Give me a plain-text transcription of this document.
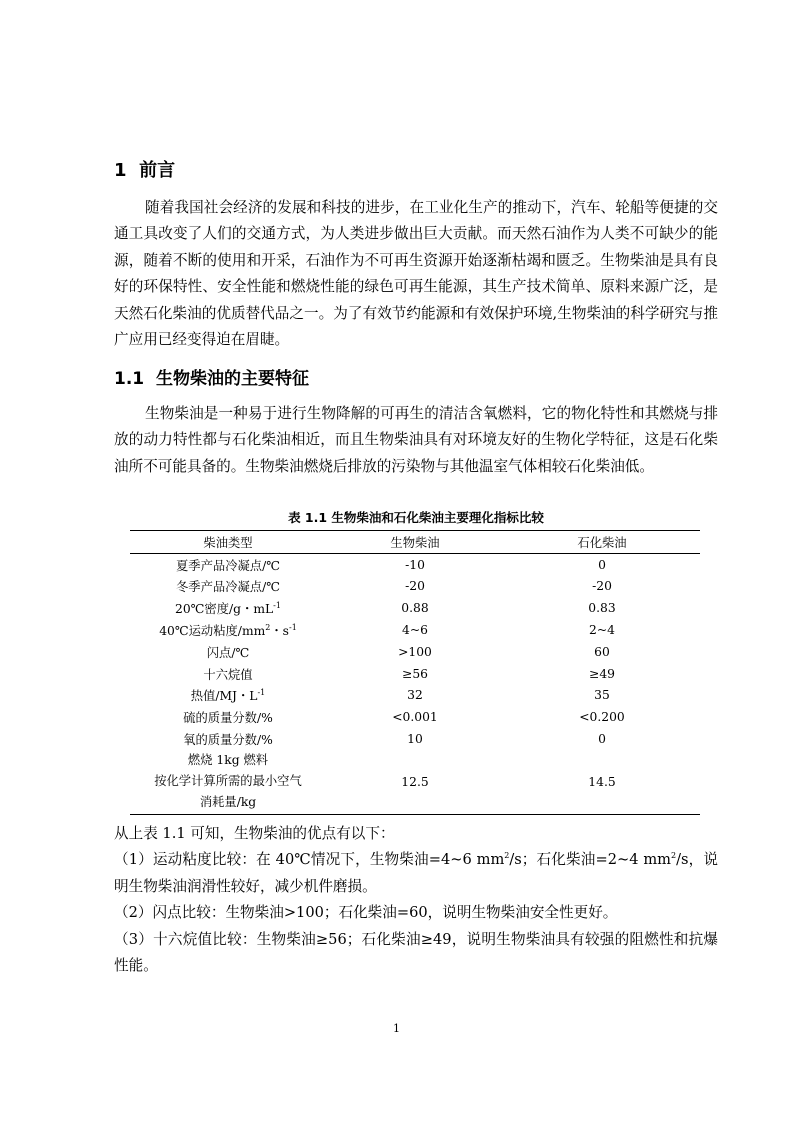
1 前言

随着我国社会经济的发展和科技的进步，在工业化生产的推动下，汽车、轮船等便捷的交通工具改变了人们的交通方式，为人类进步做出巨大贡献。而天然石油作为人类不可缺少的能源，随着不断的使用和开采，石油作为不可再生资源开始逐渐枯竭和匮乏。生物柴油是具有良好的环保特性、安全性能和燃烧性能的绿色可再生能源，其生产技术简单、原料来源广泛，是天然石化柴油的优质替代品之一。为了有效节约能源和有效保护环境,生物柴油的科学研究与推广应用已经变得迫在眉睫。

1.1 生物柴油的主要特征

生物柴油是一种易于进行生物降解的可再生的清洁含氧燃料，它的物化特性和其燃烧与排放的动力特性都与石化柴油相近，而且生物柴油具有对环境友好的生物化学特征，这是石化柴油所不可能具备的。生物柴油燃烧后排放的污染物与其他温室气体相较石化柴油低。

表 1.1 生物柴油和石化柴油主要理化指标比较
柴油类型	生物柴油	石化柴油
夏季产品冷凝点/℃	-10	0
冬季产品冷凝点/℃	-20	-20
20℃密度/g・$mL^{-1}$	0.88	0.83
40℃运动粘度$/mm^2$・$s^{-1}$	4~6	2~4
闪点/℃	>100	60
十六烷值	≥56	≥49
热值/MJ・$L^{-1}$	32	35
硫的质量分数/%	<0.001	<0.200
氧的质量分数/%	10	0

燃烧 1kg 燃料
按化学计算所需的最小空气
消耗量/kg	12.5	14.5
从上表 1.1 可知，生物柴油的优点有以下：
（1）运动粘度比较：在 40℃情况下，生物柴油=4~6 $mm^2/s$；石化柴油=2~4 $mm^2/s$，说明生物柴油润滑性较好，减少机件磨损。
（2）闪点比较：生物柴油>100；石化柴油=60，说明生物柴油安全性更好。
（3）十六烷值比较：生物柴油≥56；石化柴油≥49，说明生物柴油具有较强的阻燃性和抗爆性能。
1
